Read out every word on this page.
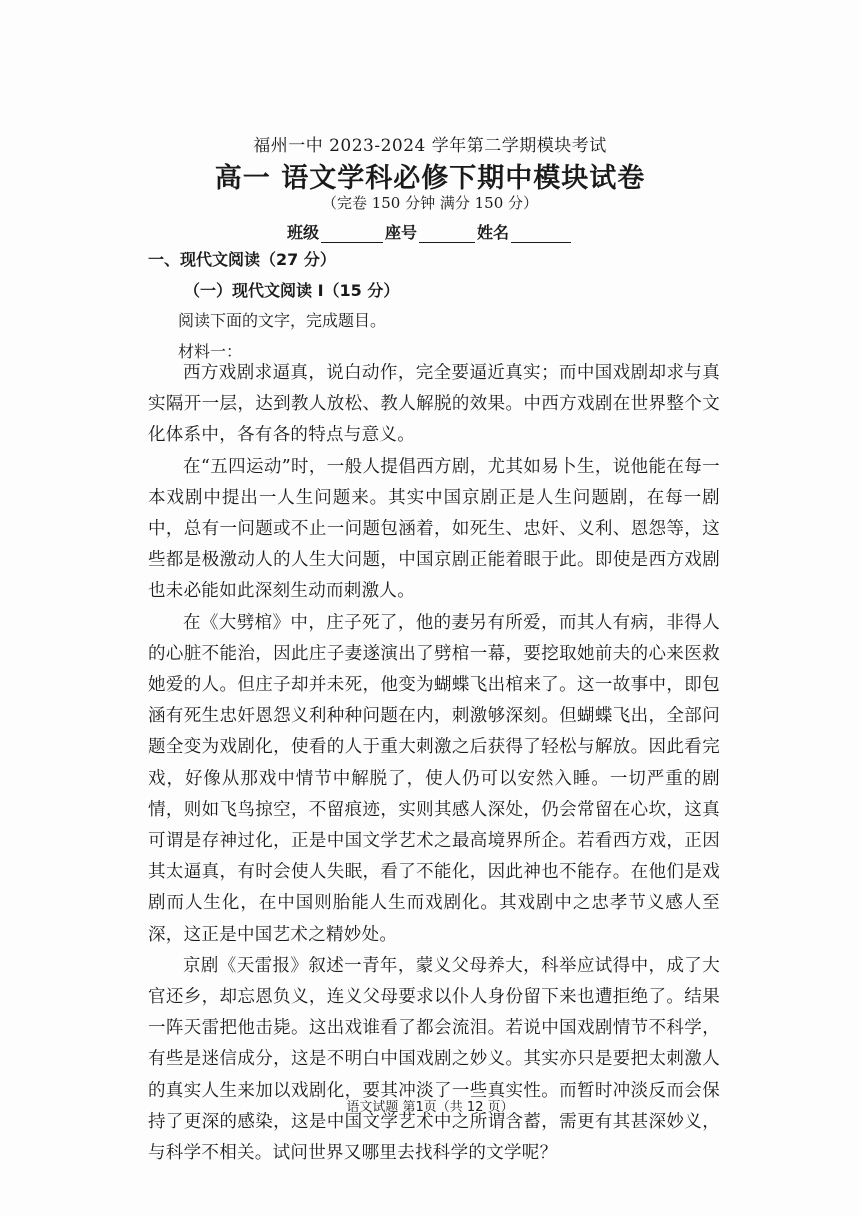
福州一中 2023-2024 学年第二学期模块考试
高一 语文学科必修下期中模块试卷
（完卷 150 分钟 满分 150 分）
班级	座号	姓名
一、现代文阅读（27 分）
（一）现代文阅读 I（15 分）
阅读下面的文字，完成题目。
材料一：

西方戏剧求逼真，说白动作，完全要逼近真实；而中国戏剧却求与真实隔开一层，达到教人放松、教人解脱的效果。中西方戏剧在世界整个文化体系中，各有各的特点与意义。

在“五四运动”时，一般人提倡西方剧，尤其如易卜生，说他能在每一本戏剧中提出一人生问题来。其实中国京剧正是人生问题剧，在每一剧中，总有一问题或不止一问题包涵着，如死生、忠奸、义利、恩怨等，这些都是极激动人的人生大问题，中国京剧正能着眼于此。即使是西方戏剧也未必能如此深刻生动而刺激人。

在《大劈棺》中，庄子死了，他的妻另有所爱，而其人有病，非得人的心脏不能治，因此庄子妻遂演出了劈棺一幕，要挖取她前夫的心来医救她爱的人。但庄子却并未死，他变为蝴蝶飞出棺来了。这一故事中，即包涵有死生忠奸恩怨义利种种问题在内，刺激够深刻。但蝴蝶飞出，全部问题全变为戏剧化，使看的人于重大刺激之后获得了轻松与解放。因此看完戏，好像从那戏中情节中解脱了，使人仍可以安然入睡。一切严重的剧情，则如飞鸟掠空，不留痕迹，实则其感人深处，仍会常留在心坎，这真可谓是存神过化，正是中国文学艺术之最高境界所企。若看西方戏，正因其太逼真，有时会使人失眠，看了不能化，因此神也不能存。在他们是戏剧而人生化，在中国则胎能人生而戏剧化。其戏剧中之忠孝节义感人至深，这正是中国艺术之精妙处。

京剧《天雷报》叙述一青年，蒙义父母养大，科举应试得中，成了大官还乡，却忘恩负义，连义父母要求以仆人身份留下来也遭拒绝了。结果一阵天雷把他击毙。这出戏谁看了都会流泪。若说中国戏剧情节不科学，有些是迷信成分，这是不明白中国戏剧之妙义。其实亦只是要把太刺激人的真实人生来加以戏剧化，要其冲淡了一些真实性。而暂时冲淡反而会保持了更深的感染，这是中国文学艺术中之所谓含蓄，需更有其甚深妙义，与科学不相关。试问世界又哪里去找科学的文学呢？

语文试题 第1页（共 12 页）
